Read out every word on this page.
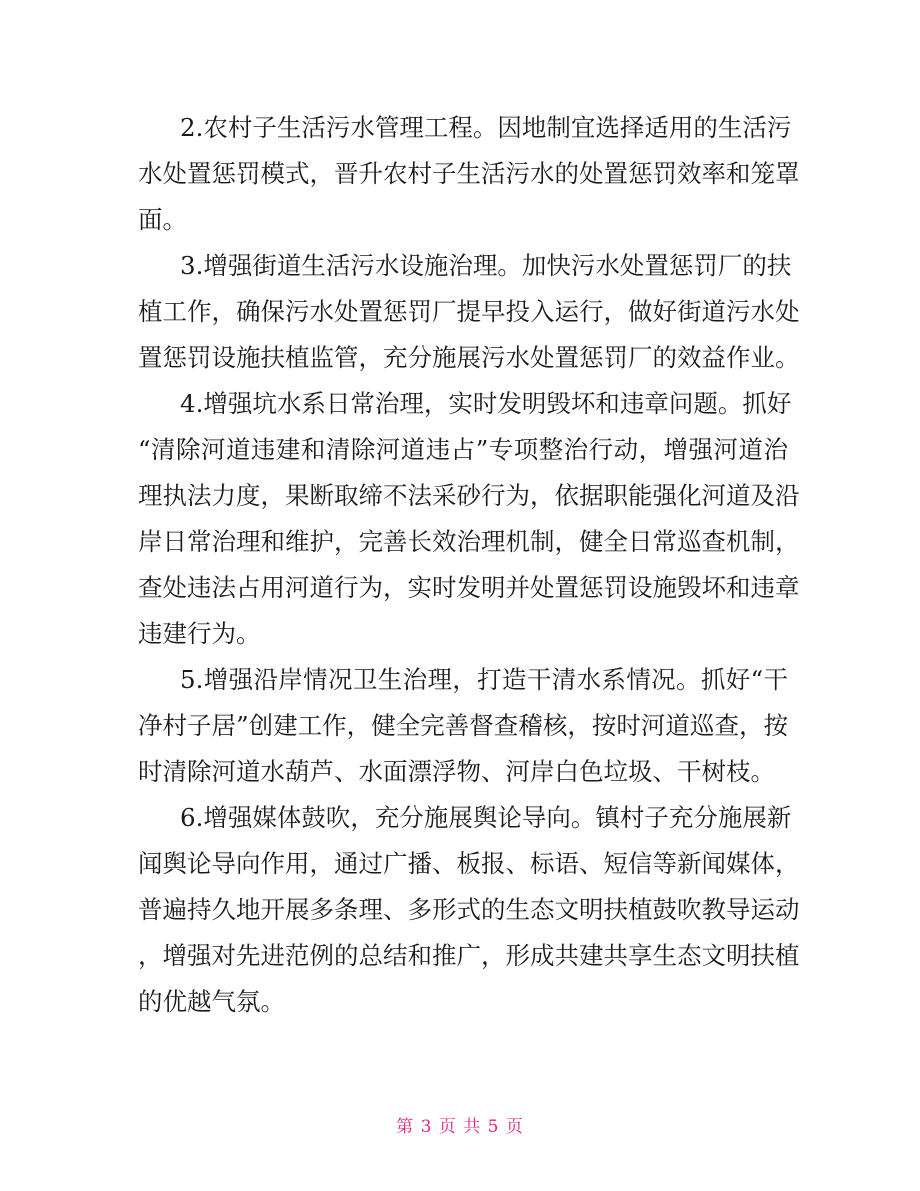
2.农村子生活污水管理工程。因地制宜选择适用的生活污
水处置惩罚模式，晋升农村子生活污水的处置惩罚效率和笼罩
面。
3.增强街道生活污水设施治理。加快污水处置惩罚厂的扶
植工作，确保污水处置惩罚厂提早投入运行，做好街道污水处
置惩罚设施扶植监管，充分施展污水处置惩罚厂的效益作业。
4.增强坑水系日常治理，实时发明毁坏和违章问题。抓好
“清除河道违建和清除河道违占”专项整治行动，增强河道治
理执法力度，果断取缔不法采砂行为，依据职能强化河道及沿
岸日常治理和维护，完善长效治理机制，健全日常巡查机制，
查处违法占用河道行为，实时发明并处置惩罚设施毁坏和违章
违建行为。
5.增强沿岸情况卫生治理，打造干清水系情况。抓好“干
净村子居”创建工作，健全完善督查稽核，按时河道巡查，按
时清除河道水葫芦、水面漂浮物、河岸白色垃圾、干树枝。
6.增强媒体鼓吹，充分施展舆论导向。镇村子充分施展新
闻舆论导向作用，通过广播、板报、标语、短信等新闻媒体，
普遍持久地开展多条理、多形式的生态文明扶植鼓吹教导运动
，增强对先进范例的总结和推广，形成共建共享生态文明扶植
的优越气氛。
第 3 页 共 5 页
